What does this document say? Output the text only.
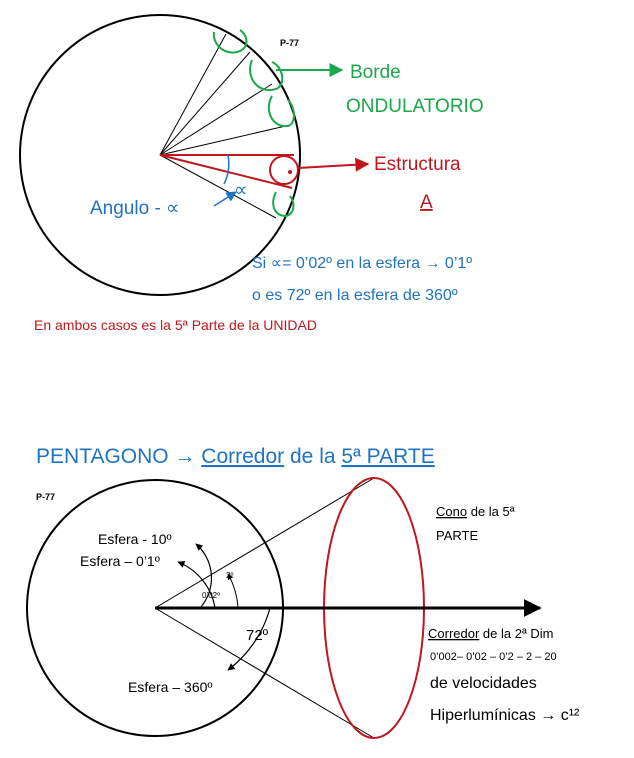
P-77
Borde
ONDULATORIO
Estructura
A
∝
Angulo - ∝
Si ∝= 0’02º en la esfera → 0’1º
o es 72º en la esfera de 360º
En ambos casos es la 5ª Parte de la UNIDAD
PENTAGONO → Corredor de la 5ª PARTE
P-77
Esfera - 10º
Esfera – 0’1º
2º
0’02º
72º
Esfera – 360º
Cono de la 5ª
PARTE
Corredor de la 2ª Dim
0’002– 0’02 – 0’2 – 2 – 20
de velocidades
Hiperlumínicas → c¹²
